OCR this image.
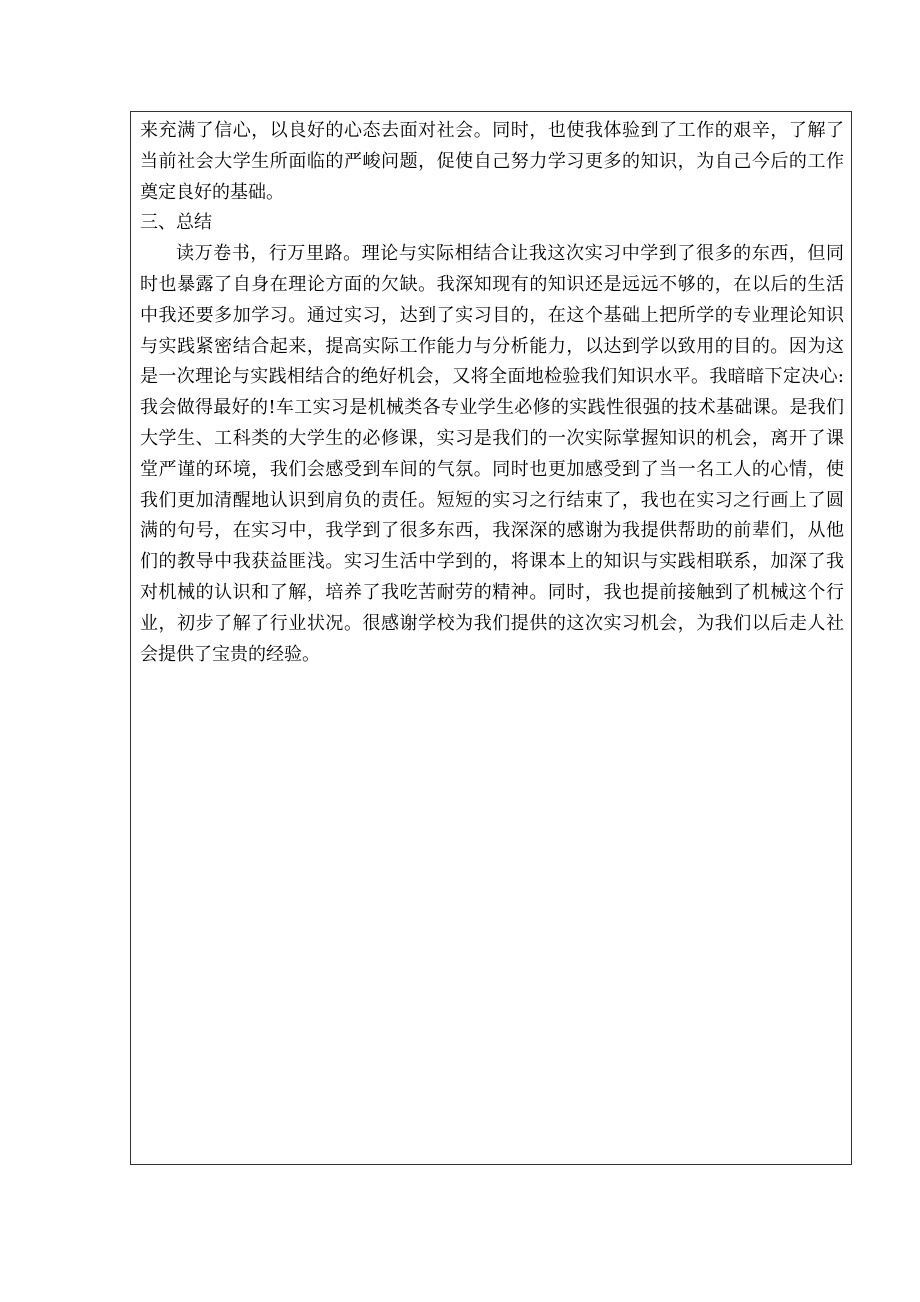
来充满了信心，以良好的心态去面对社会。同时，也使我体验到了工作的艰辛，了解了
当前社会大学生所面临的严峻问题，促使自己努力学习更多的知识，为自己今后的工作
奠定良好的基础。
三、总结
读万卷书，行万里路。理论与实际相结合让我这次实习中学到了很多的东西，但同
时也暴露了自身在理论方面的欠缺。我深知现有的知识还是远远不够的，在以后的生活
中我还要多加学习。通过实习，达到了实习目的，在这个基础上把所学的专业理论知识
与实践紧密结合起来，提高实际工作能力与分析能力，以达到学以致用的目的。因为这
是一次理论与实践相结合的绝好机会，又将全面地检验我们知识水平。我暗暗下定决心:
我会做得最好的!车工实习是机械类各专业学生必修的实践性很强的技术基础课。是我们
大学生、工科类的大学生的必修课，实习是我们的一次实际掌握知识的机会，离开了课
堂严谨的环境，我们会感受到车间的气氛。同时也更加感受到了当一名工人的心情，使
我们更加清醒地认识到肩负的责任。短短的实习之行结束了，我也在实习之行画上了圆
满的句号，在实习中，我学到了很多东西，我深深的感谢为我提供帮助的前辈们，从他
们的教导中我获益匪浅。实习生活中学到的，将课本上的知识与实践相联系，加深了我
对机械的认识和了解，培养了我吃苦耐劳的精神。同时，我也提前接触到了机械这个行
业，初步了解了行业状况。很感谢学校为我们提供的这次实习机会，为我们以后走人社
会提供了宝贵的经验。
